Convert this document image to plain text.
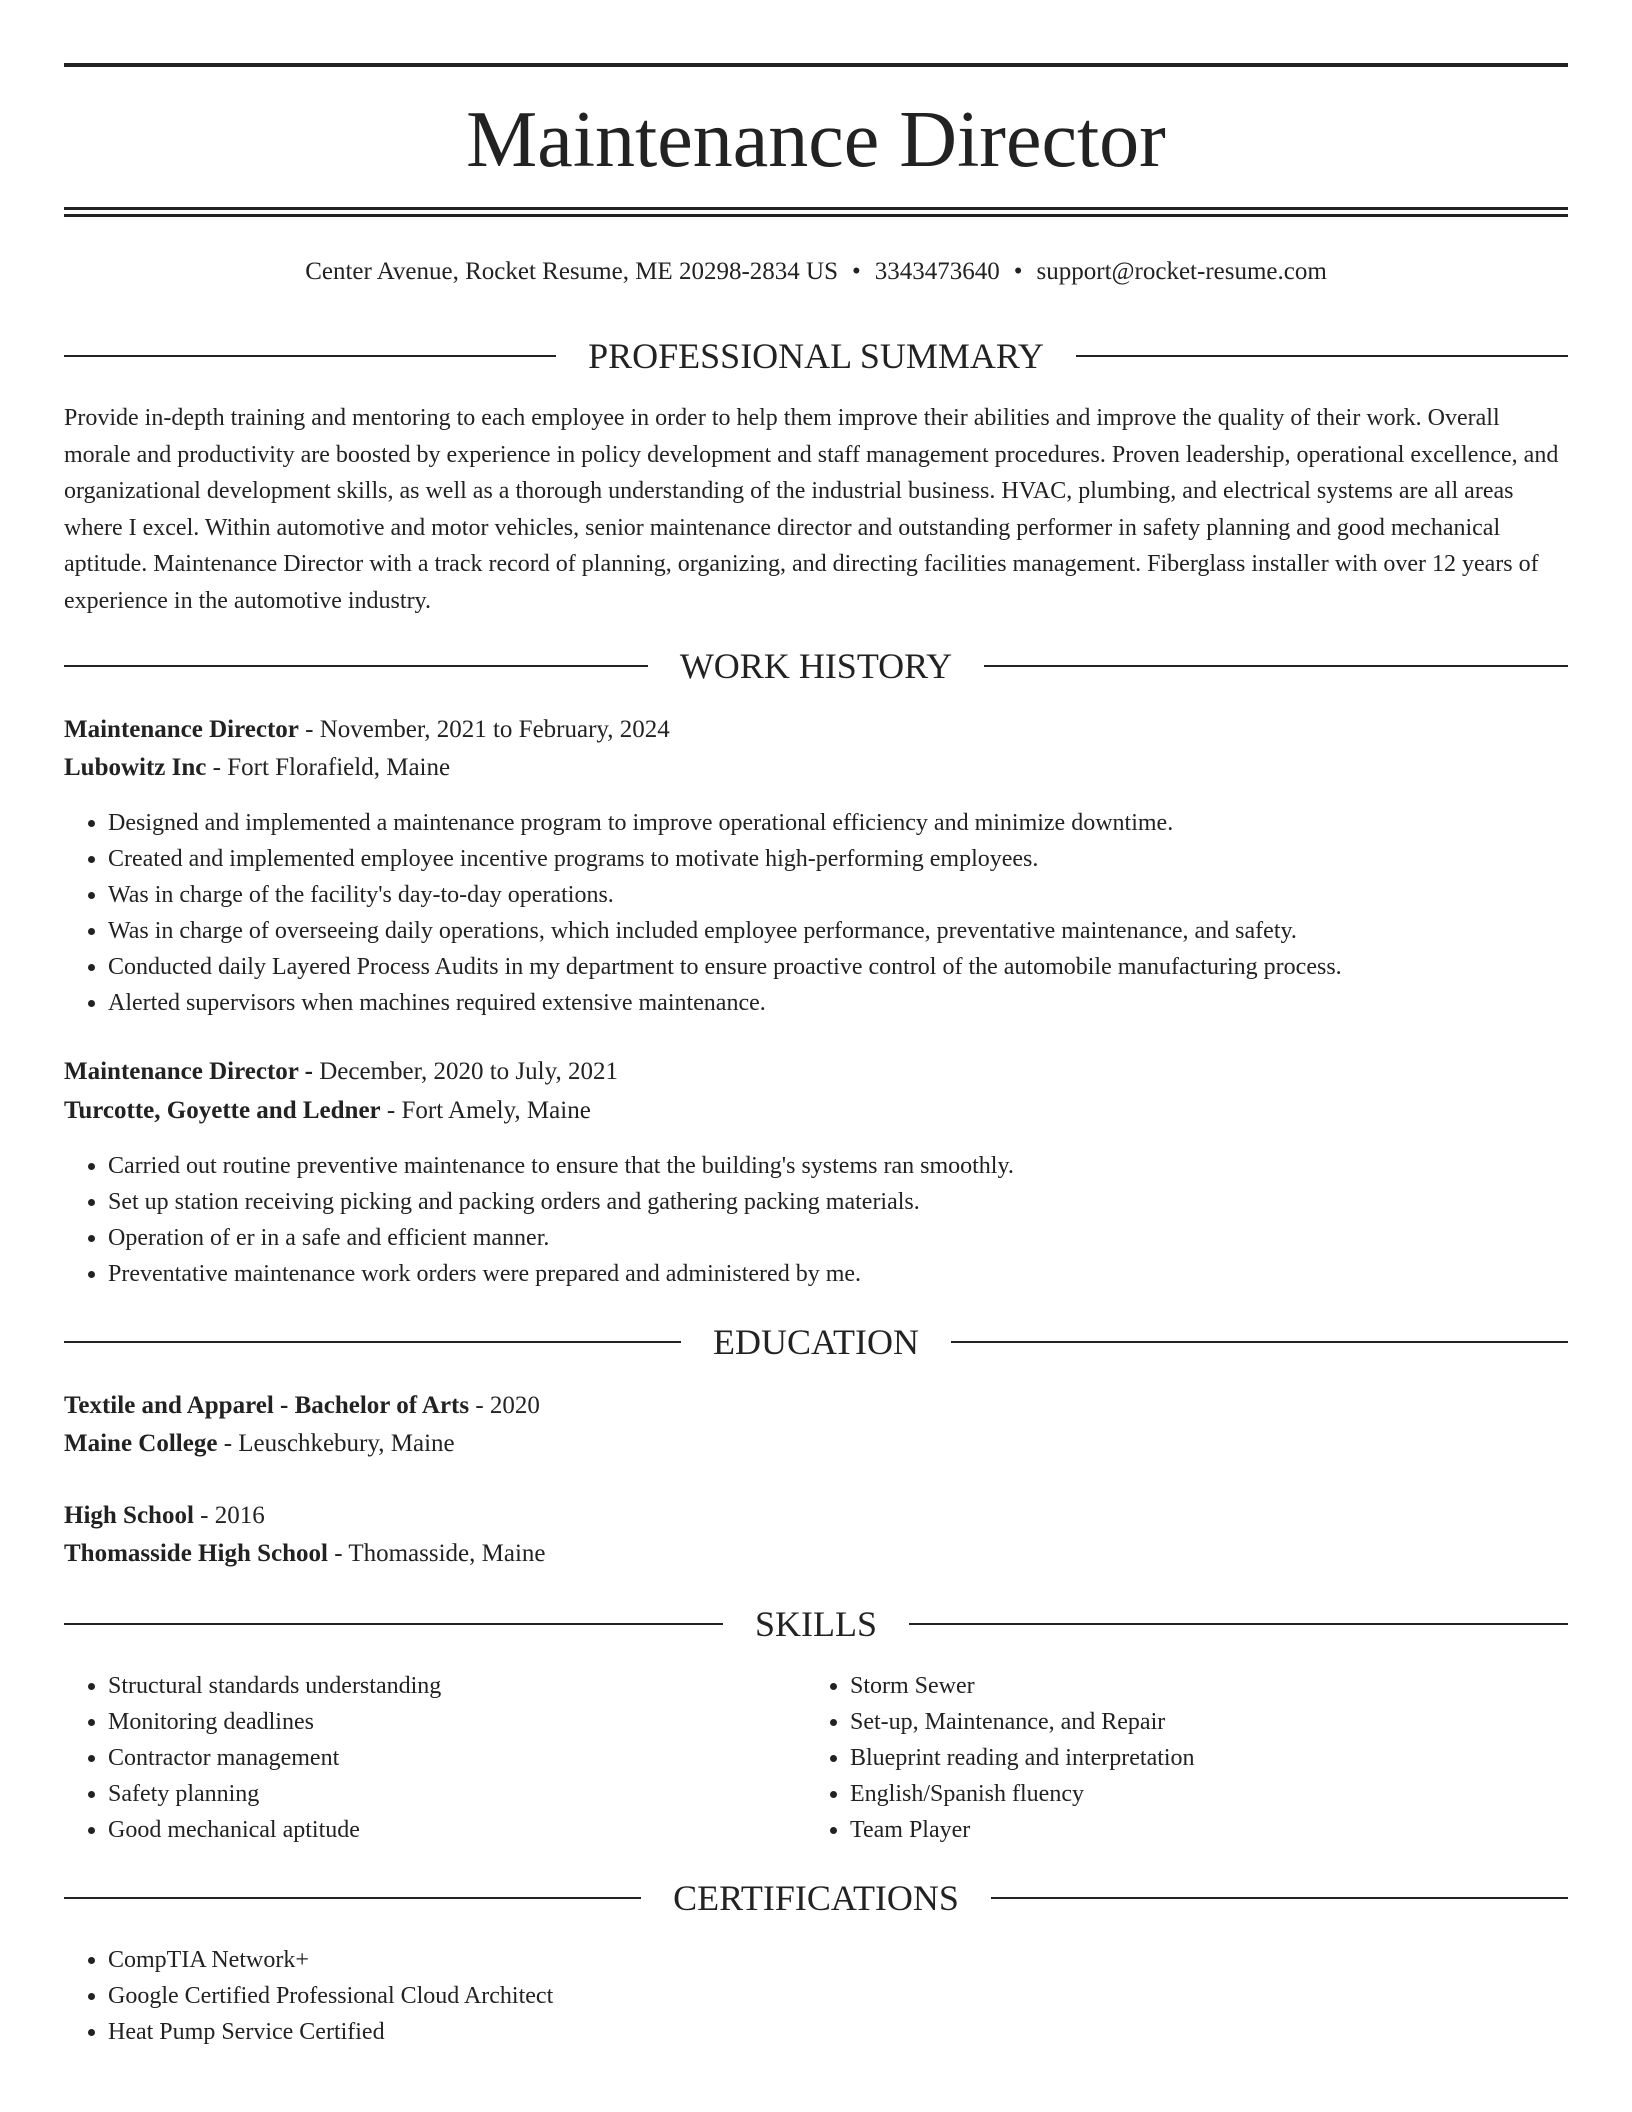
Maintenance Director
Center Avenue, Rocket Resume, ME 20298-2834 US • 3343473640 • support@rocket-resume.com
PROFESSIONAL SUMMARY

Provide in-depth training and mentoring to each employee in order to help them improve their abilities and improve the quality of their work. Overall morale and productivity are boosted by experience in policy development and staff management procedures. Proven leadership, operational excellence, and organizational development skills, as well as a thorough understanding of the industrial business. HVAC, plumbing, and electrical systems are all areas where I excel. Within automotive and motor vehicles, senior maintenance director and outstanding performer in safety planning and good mechanical aptitude. Maintenance Director with a track record of planning, organizing, and directing facilities management. Fiberglass installer with over 12 years of experience in the automotive industry.

WORK HISTORY
Maintenance Director - November, 2021 to February, 2024
Lubowitz Inc - Fort Florafield, Maine
• Designed and implemented a maintenance program to improve operational efficiency and minimize downtime.
• Created and implemented employee incentive programs to motivate high-performing employees.
• Was in charge of the facility's day-to-day operations.
• Was in charge of overseeing daily operations, which included employee performance, preventative maintenance, and safety.
• Conducted daily Layered Process Audits in my department to ensure proactive control of the automobile manufacturing process.
• Alerted supervisors when machines required extensive maintenance.
Maintenance Director - December, 2020 to July, 2021
Turcotte, Goyette and Ledner - Fort Amely, Maine
• Carried out routine preventive maintenance to ensure that the building's systems ran smoothly.
• Set up station receiving picking and packing orders and gathering packing materials.
• Operation of er in a safe and efficient manner.
• Preventative maintenance work orders were prepared and administered by me.
EDUCATION
Textile and Apparel - Bachelor of Arts - 2020
Maine College - Leuschkebury, Maine
High School - 2016
Thomasside High School - Thomasside, Maine
SKILLS
• Structural standards understanding
• Monitoring deadlines
• Contractor management
• Safety planning
• Good mechanical aptitude
• Storm Sewer
• Set-up, Maintenance, and Repair
• Blueprint reading and interpretation
• English/Spanish fluency
• Team Player
CERTIFICATIONS
• CompTIA Network+
• Google Certified Professional Cloud Architect
• Heat Pump Service Certified
